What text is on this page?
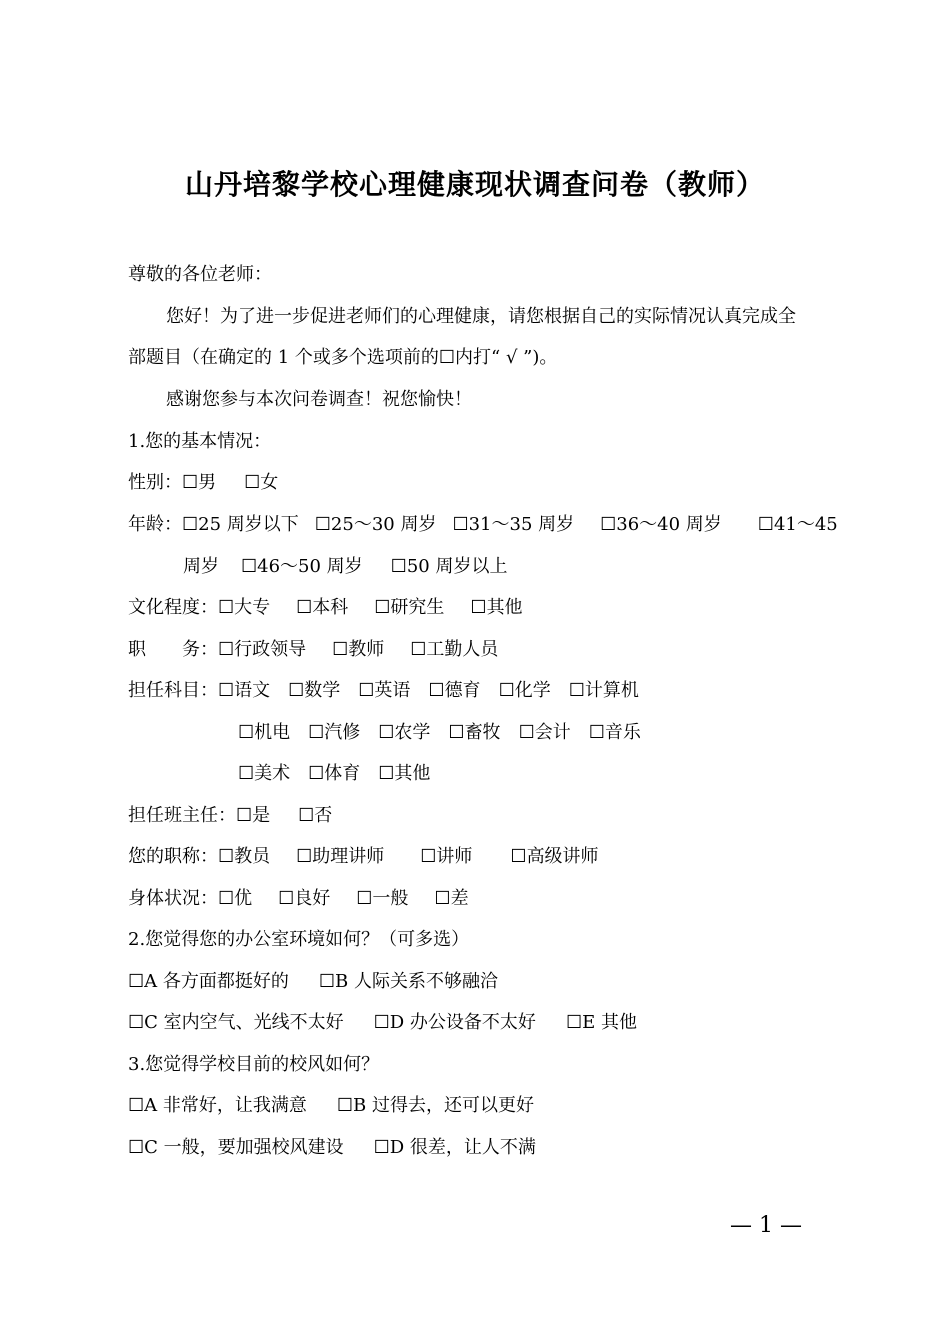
山丹培黎学校心理健康现状调查问卷（教师）
尊敬的各位老师：
您好！为了进一步促进老师们的心理健康，请您根据自己的实际情况认真完成全
部题目（在确定的 1 个或多个选项前的☐内打“ √ ”)。
感谢您参与本次问卷调查！祝您愉快！
1.您的基本情况：
性别：☐男 ☐女
年龄：☐25 周岁以下 ☐25～30 周岁 ☐31～35 周岁 ☐36～40 周岁 ☐41～45
周岁 ☐46～50 周岁 ☐50 周岁以上
文化程度：☐大专 ☐本科 ☐研究生 ☐其他
职　　务：☐行政领导 ☐教师 ☐工勤人员
担任科目：☐语文 ☐数学 ☐英语 ☐德育 ☐化学 ☐计算机
☐机电 ☐汽修 ☐农学 ☐畜牧 ☐会计 ☐音乐
☐美术 ☐体育 ☐其他
担任班主任：☐是 ☐否
您的职称：☐教员 ☐助理讲师 ☐讲师 ☐高级讲师
身体状况：☐优 ☐良好 ☐一般 ☐差
2.您觉得您的办公室环境如何？（可多选）
☐A 各方面都挺好的 ☐B 人际关系不够融洽
☐C 室内空气、光线不太好 ☐D 办公设备不太好 ☐E 其他
3.您觉得学校目前的校风如何？
☐A 非常好，让我满意 ☐B 过得去，还可以更好
☐C 一般，要加强校风建设 ☐D 很差，让人不满
— 1 —
